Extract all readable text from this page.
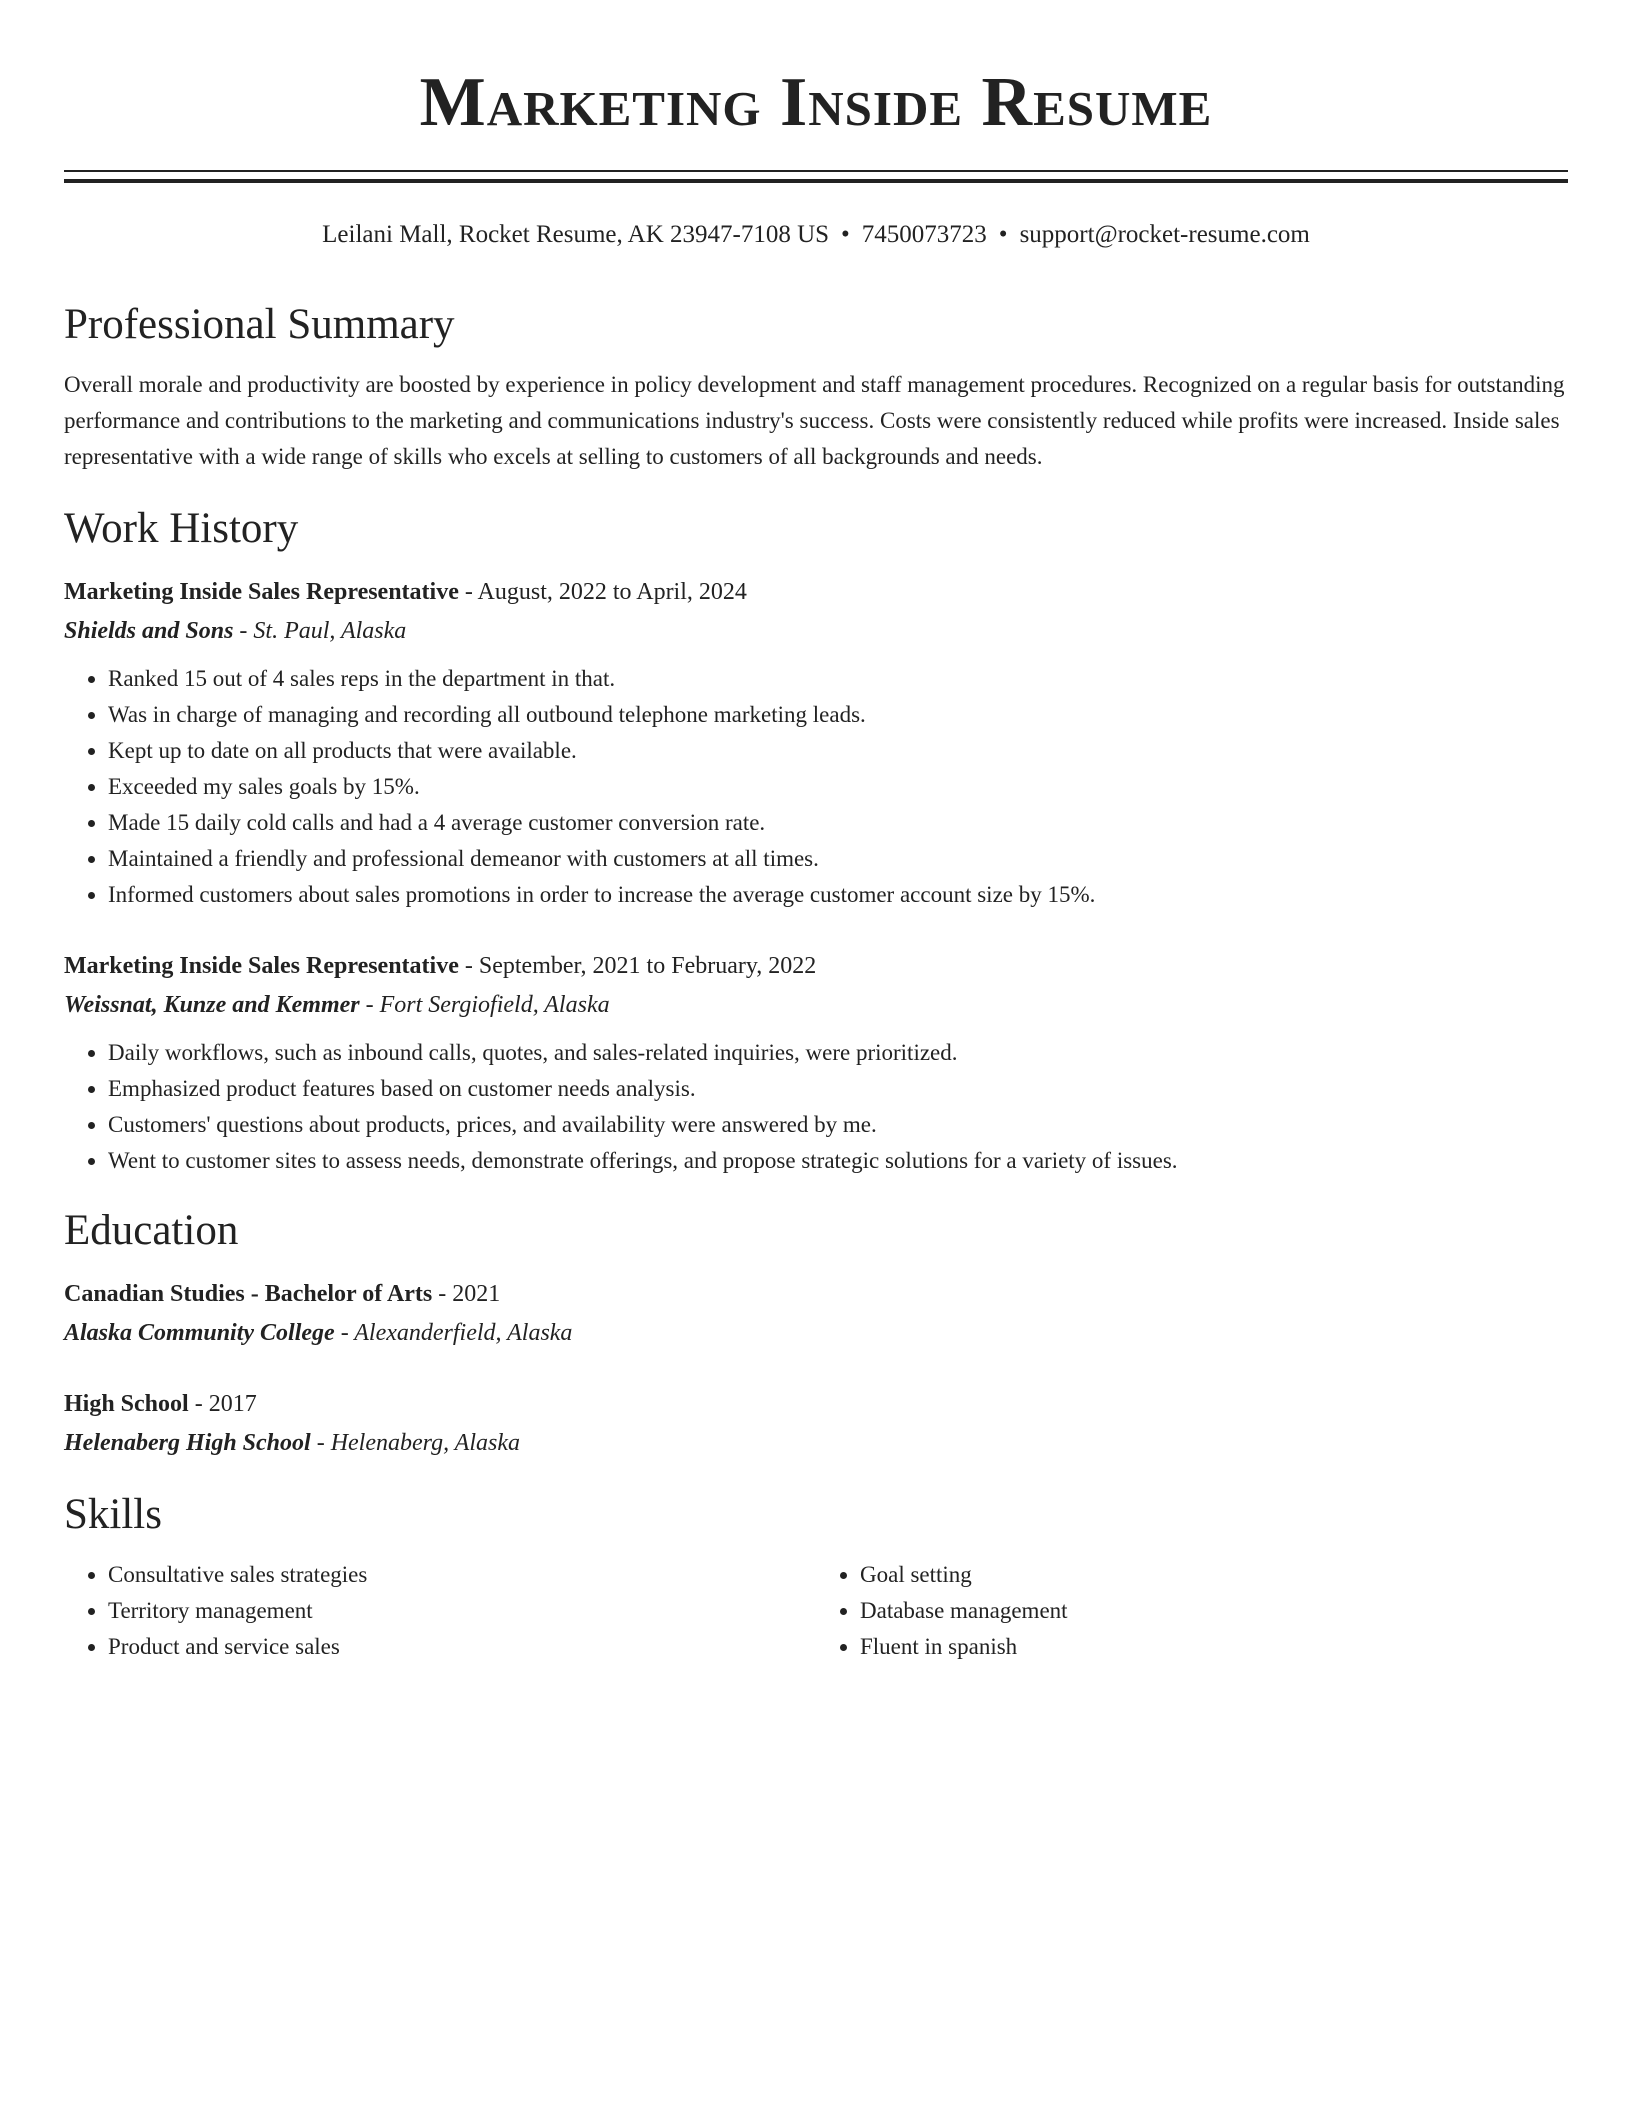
Marketing Inside Resume
Leilani Mall, Rocket Resume, AK 23947-7108 US • 7450073723 • support@rocket-resume.com
Professional Summary

Overall morale and productivity are boosted by experience in policy development and staff management procedures. Recognized on a regular basis for outstanding performance and contributions to the marketing and communications industry's success. Costs were consistently reduced while profits were increased. Inside sales representative with a wide range of skills who excels at selling to customers of all backgrounds and needs.

Work History
Marketing Inside Sales Representative - August, 2022 to April, 2024
Shields and Sons - St. Paul, Alaska
• Ranked 15 out of 4 sales reps in the department in that.
• Was in charge of managing and recording all outbound telephone marketing leads.
• Kept up to date on all products that were available.
• Exceeded my sales goals by 15%.
• Made 15 daily cold calls and had a 4 average customer conversion rate.
• Maintained a friendly and professional demeanor with customers at all times.
• Informed customers about sales promotions in order to increase the average customer account size by 15%.
Marketing Inside Sales Representative - September, 2021 to February, 2022
Weissnat, Kunze and Kemmer - Fort Sergiofield, Alaska
• Daily workflows, such as inbound calls, quotes, and sales-related inquiries, were prioritized.
• Emphasized product features based on customer needs analysis.
• Customers' questions about products, prices, and availability were answered by me.
• Went to customer sites to assess needs, demonstrate offerings, and propose strategic solutions for a variety of issues.
Education
Canadian Studies - Bachelor of Arts - 2021
Alaska Community College - Alexanderfield, Alaska
High School - 2017
Helenaberg High School - Helenaberg, Alaska
Skills
• Consultative sales strategies
• Territory management
• Product and service sales
• Goal setting
• Database management
• Fluent in spanish
